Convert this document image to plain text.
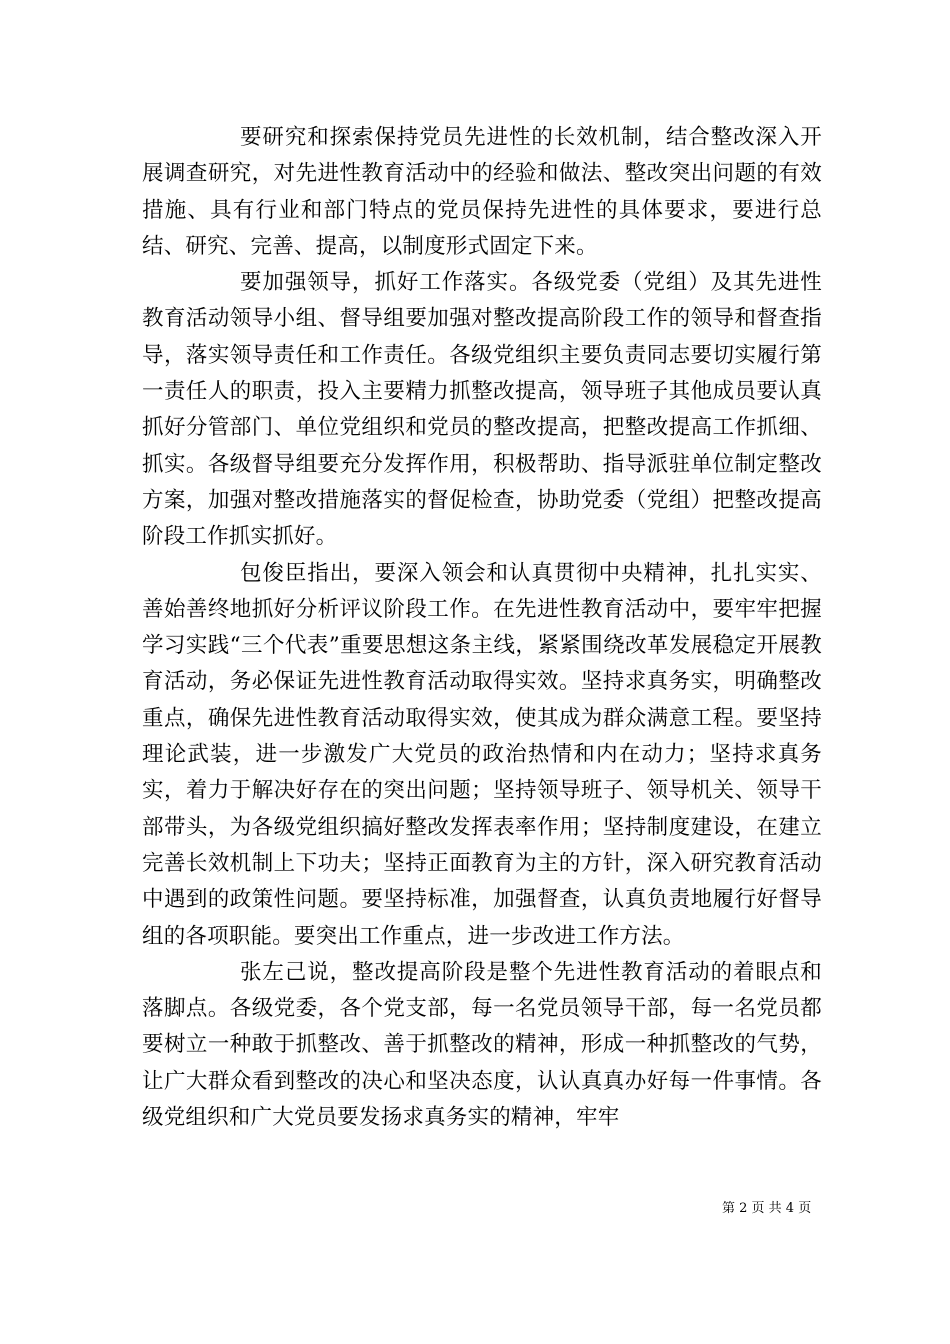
要研究和探索保持党员先进性的长效机制，结合整改深入开展调查研究，对先进性教育活动中的经验和做法、整改突出问题的有效措施、具有行业和部门特点的党员保持先进性的具体要求，要进行总结、研究、完善、提高，以制度形式固定下来。

要加强领导，抓好工作落实。各级党委（党组）及其先进性教育活动领导小组、督导组要加强对整改提高阶段工作的领导和督查指导，落实领导责任和工作责任。各级党组织主要负责同志要切实履行第一责任人的职责，投入主要精力抓整改提高，领导班子其他成员要认真抓好分管部门、单位党组织和党员的整改提高，把整改提高工作抓细、抓实。各级督导组要充分发挥作用，积极帮助、指导派驻单位制定整改方案，加强对整改措施落实的督促检查，协助党委（党组）把整改提高阶段工作抓实抓好。

包俊臣指出，要深入领会和认真贯彻中央精神，扎扎实实、善始善终地抓好分析评议阶段工作。在先进性教育活动中，要牢牢把握学习实践“三个代表”重要思想这条主线，紧紧围绕改革发展稳定开展教育活动，务必保证先进性教育活动取得实效。坚持求真务实，明确整改重点，确保先进性教育活动取得实效，使其成为群众满意工程。要坚持理论武装，进一步激发广大党员的政治热情和内在动力；坚持求真务实，着力于解决好存在的突出问题；坚持领导班子、领导机关、领导干部带头，为各级党组织搞好整改发挥表率作用；坚持制度建设，在建立完善长效机制上下功夫；坚持正面教育为主的方针，深入研究教育活动中遇到的政策性问题。要坚持标准，加强督查，认真负责地履行好督导组的各项职能。要突出工作重点，进一步改进工作方法。

张左己说，整改提高阶段是整个先进性教育活动的着眼点和落脚点。各级党委，各个党支部，每一名党员领导干部，每一名党员都要树立一种敢于抓整改、善于抓整改的精神，形成一种抓整改的气势，让广大群众看到整改的决心和坚决态度，认认真真办好每一件事情。各级党组织和广大党员要发扬求真务实的精神，牢牢

第 2 页 共 4 页
